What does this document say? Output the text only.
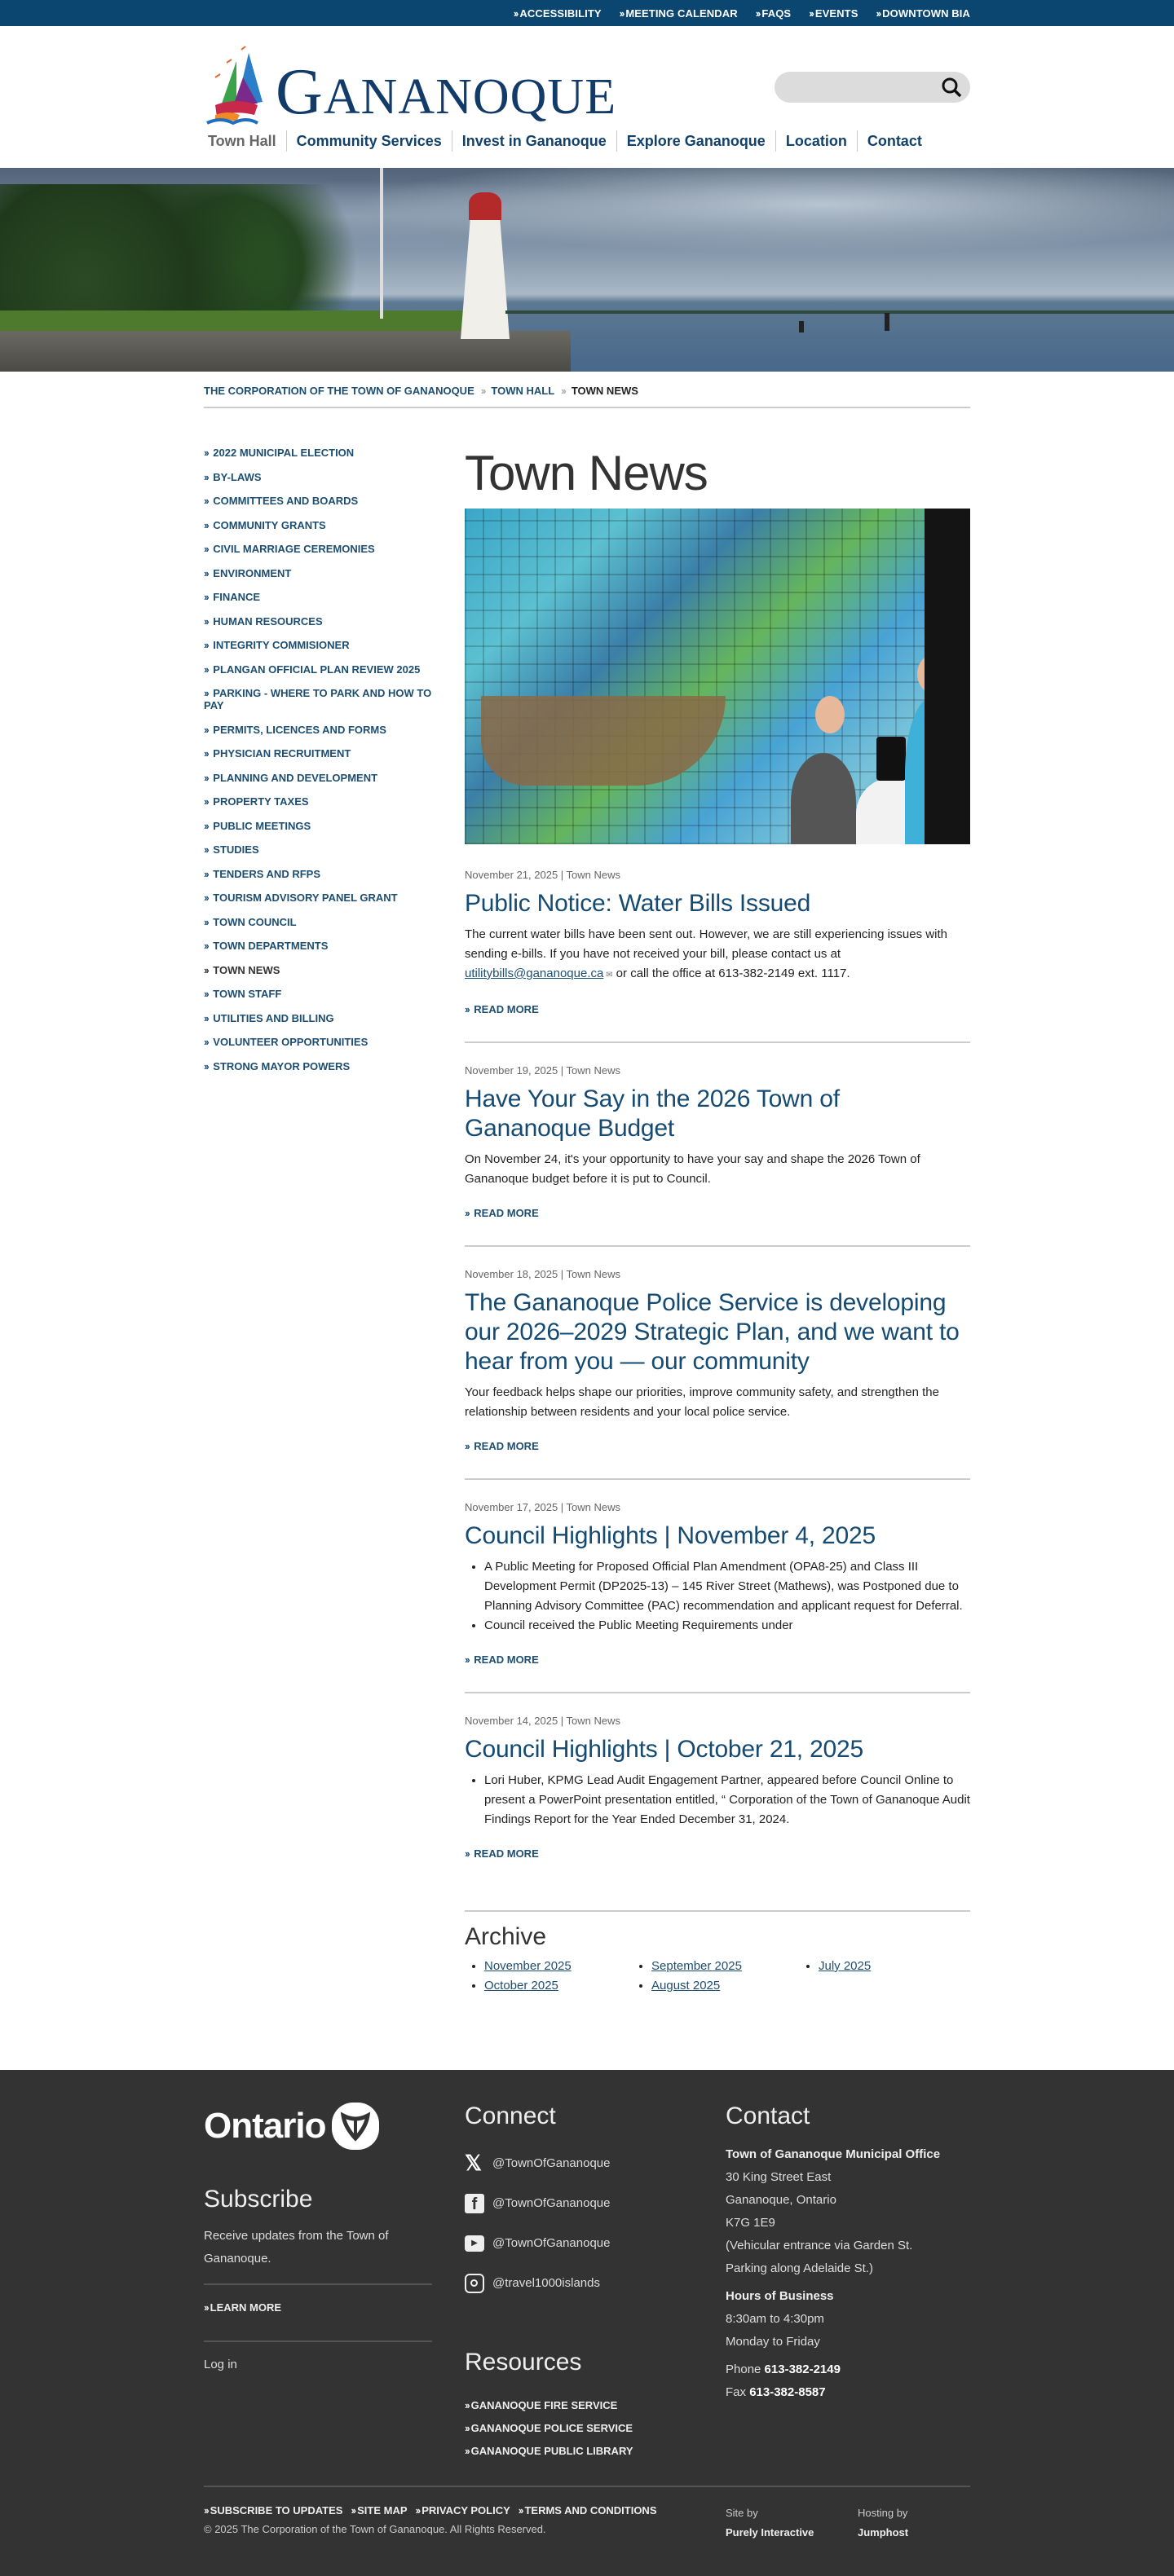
›› ACCESSIBILITY ›› MEETING CALENDAR ›› FAQS ›› EVENTS ›› DOWNTOWN BIA
GANANOQUE
Town Hall	Community Services	Invest in Gananoque	Explore Gananoque	Location	Contact
THE CORPORATION OF THE TOWN OF GANANOQUE ›› TOWN HALL ›› TOWN NEWS
›› 2022 MUNICIPAL ELECTION
›› BY-LAWS
›› COMMITTEES AND BOARDS
›› COMMUNITY GRANTS
›› CIVIL MARRIAGE CEREMONIES
›› ENVIRONMENT
›› FINANCE
›› HUMAN RESOURCES
›› INTEGRITY COMMISIONER
›› PLANGAN OFFICIAL PLAN REVIEW 2025
›› PARKING - WHERE TO PARK AND HOW TO PAY
›› PERMITS, LICENCES AND FORMS
›› PHYSICIAN RECRUITMENT
›› PLANNING AND DEVELOPMENT
›› PROPERTY TAXES
›› PUBLIC MEETINGS
›› STUDIES
›› TENDERS AND RFPS
›› TOURISM ADVISORY PANEL GRANT
›› TOWN COUNCIL
›› TOWN DEPARTMENTS
›› TOWN NEWS
›› TOWN STAFF
›› UTILITIES AND BILLING
›› VOLUNTEER OPPORTUNITIES
›› STRONG MAYOR POWERS
Town News
November 21, 2025 | Town News
Public Notice: Water Bills Issued
The current water bills have been sent out. However, we are still experiencing issues with sending e-bills. If you have not received your bill, please contact us at utilitybills@gananoque.ca ✉ or call the office at 613-382-2149 ext. 1117.
›› READ MORE
November 19, 2025 | Town News
Have Your Say in the 2026 Town of Gananoque Budget
On November 24, it's your opportunity to have your say and shape the 2026 Town of Gananoque budget before it is put to Council.
›› READ MORE
November 18, 2025 | Town News
The Gananoque Police Service is developing our 2026–2029 Strategic Plan, and we want to hear from you — our community
Your feedback helps shape our priorities, improve community safety, and strengthen the relationship between residents and your local police service.
›› READ MORE
November 17, 2025 | Town News
Council Highlights | November 4, 2025
• A Public Meeting for Proposed Official Plan Amendment (OPA8-25) and Class III Development Permit (DP2025-13) – 145 River Street (Mathews), was Postponed due to Planning Advisory Committee (PAC) recommendation and applicant request for Deferral.
• Council received the Public Meeting Requirements under
›› READ MORE
November 14, 2025 | Town News
Council Highlights | October 21, 2025
• Lori Huber, KPMG Lead Audit Engagement Partner, appeared before Council Online to present a PowerPoint presentation entitled, “ Corporation of the Town of Gananoque Audit Findings Report for the Year Ended December 31, 2024.
›› READ MORE
Archive
• November 2025
• October 2025
• September 2025
• August 2025
• July 2025
Ontario
Subscribe

Receive updates from the Town of Gananoque.

›› LEARN MORE
Log in
Connect
𝕏 @TownOfGananoque
f	@TownOfGananoque
▶	@TownOfGananoque
@travel1000islands
Resources
›› GANANOQUE FIRE SERVICE
›› GANANOQUE POLICE SERVICE
›› GANANOQUE PUBLIC LIBRARY
Contact
Town of Gananoque Municipal Office
30 King Street East
Gananoque, Ontario
K7G 1E9
(Vehicular entrance via Garden St.
Parking along Adelaide St.)
Hours of Business
8:30am to 4:30pm
Monday to Friday
Phone 613-382-2149
Fax 613-382-8587
›› SUBSCRIBE TO UPDATES ›› SITE MAP ›› PRIVACY POLICY ›› TERMS AND CONDITIONS
© 2025 The Corporation of the Town of Gananoque. All Rights Reserved.
Site by
Purely Interactive
Hosting by
Jumphost
